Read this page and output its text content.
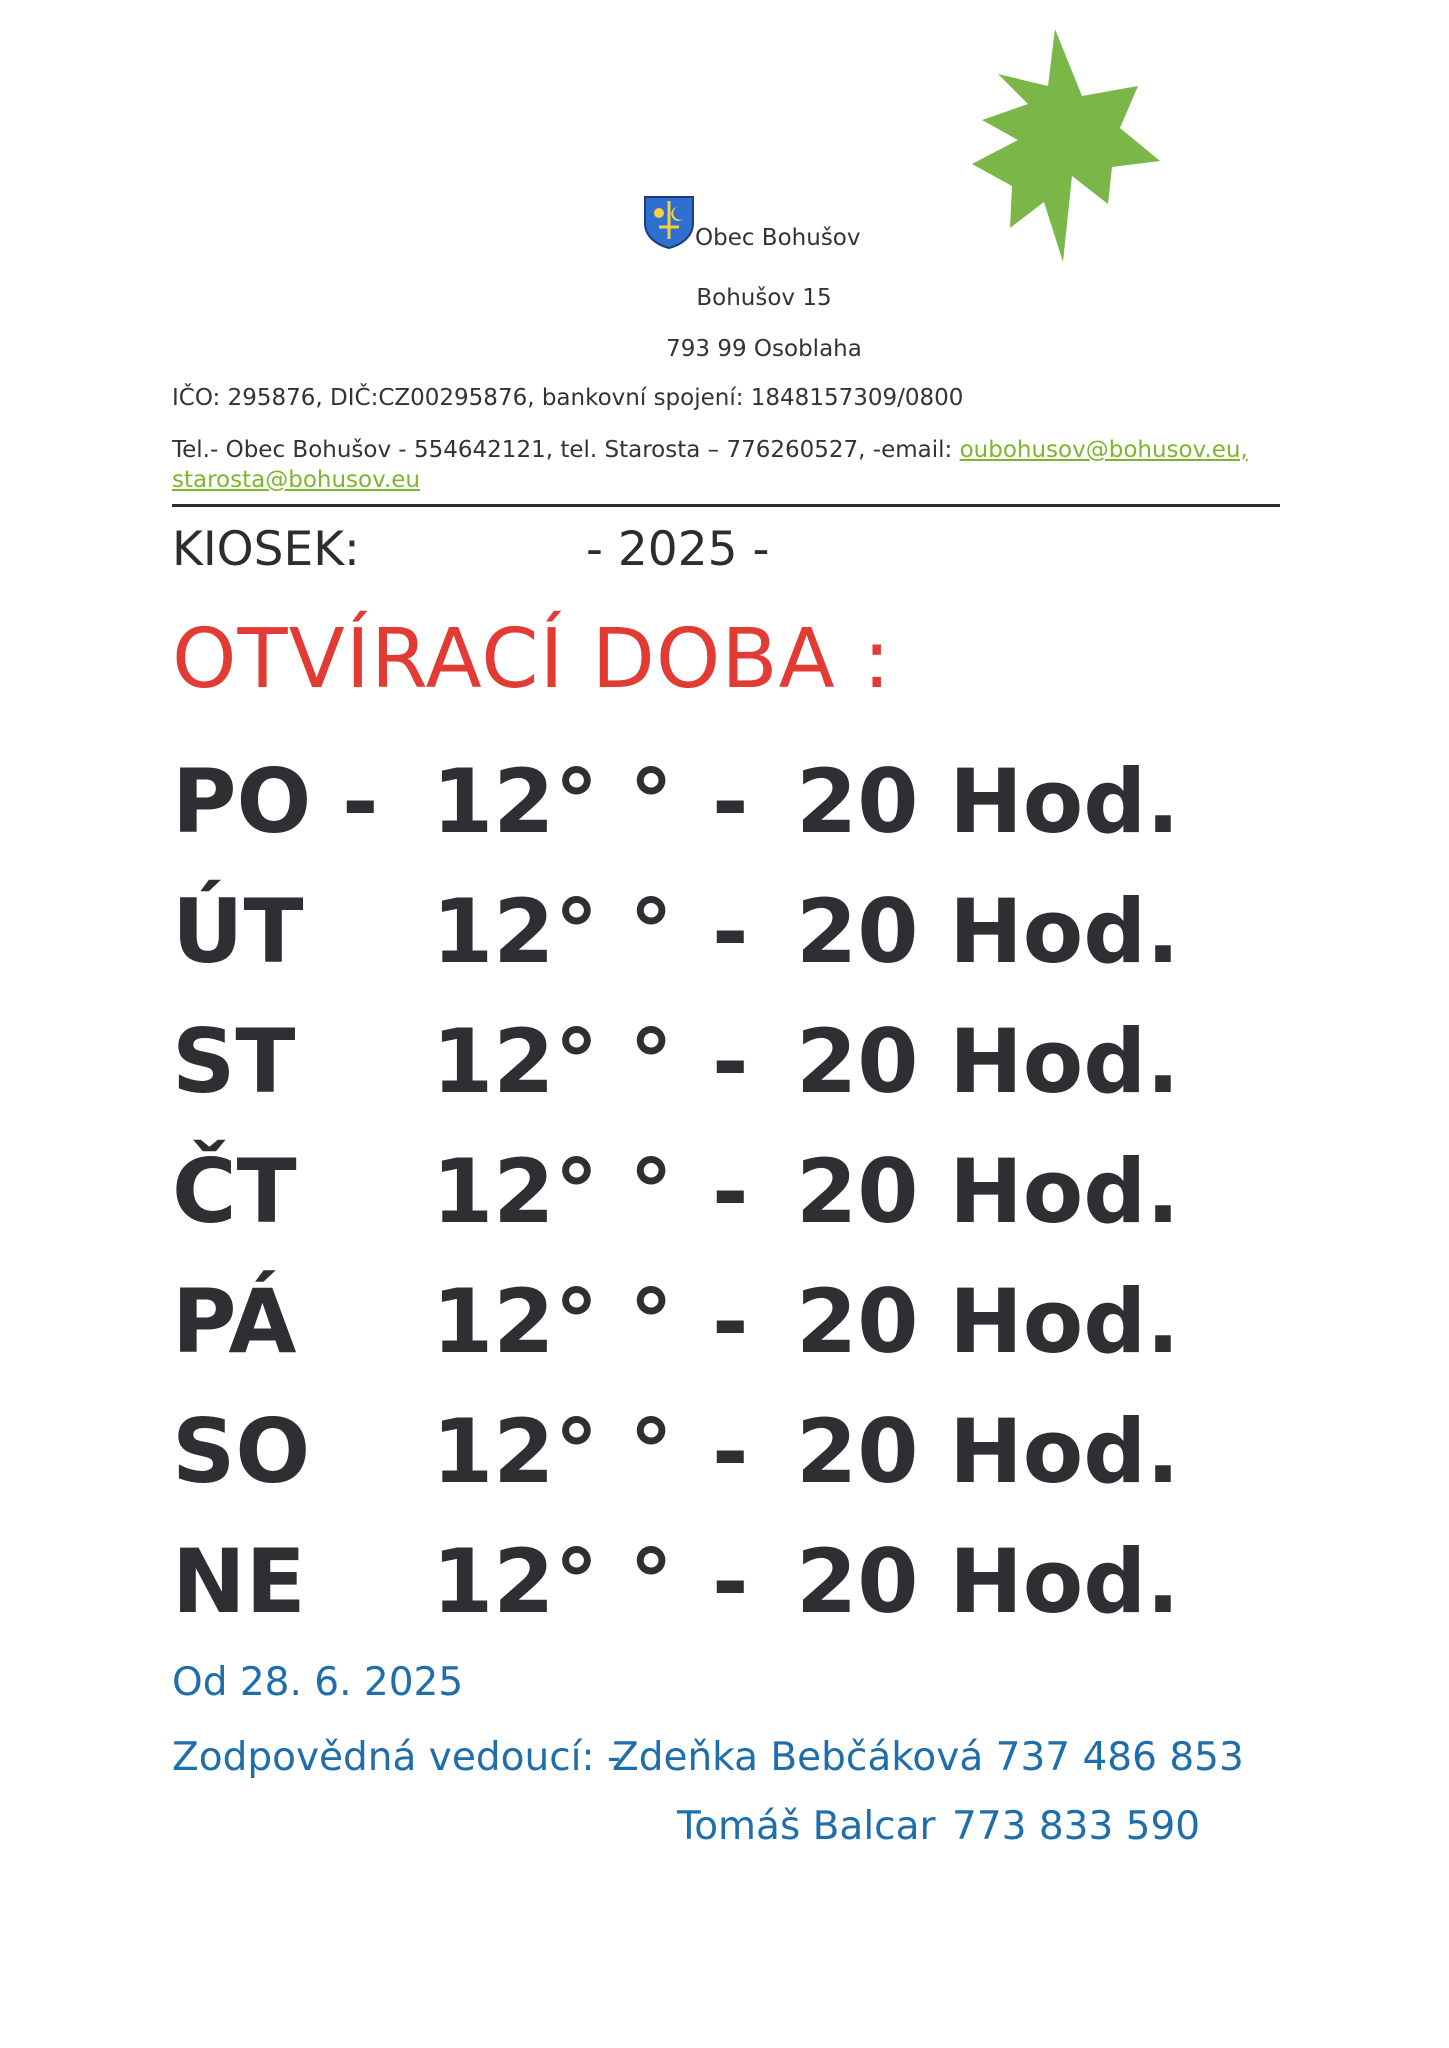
Obec Bohušov
Bohušov 15
793 99 Osoblaha
IČO: 295876, DIČ:CZ00295876, bankovní spojení: 1848157309/0800
Tel.- Obec Bohušov - 554642121, tel. Starosta – 776260527, -email: oubohusov@bohusov.eu,
starosta@bohusov.eu
KIOSEK:	- 2025 -
OTVÍRACÍ DOBA :
PO - 12° ° - 20 Hod.
ÚT 12° ° - 20 Hod.
ST 12° ° - 20 Hod.
ČT 12° ° - 20 Hod.
PÁ 12° ° - 20 Hod.
SO 12° ° - 20 Hod.
NE 12° ° - 20 Hod.
Od 28. 6. 2025
Zodpovědná vedoucí: -
Zdeňka Bebčáková 737 486 853
Tomáš Balcar 773 833 590
